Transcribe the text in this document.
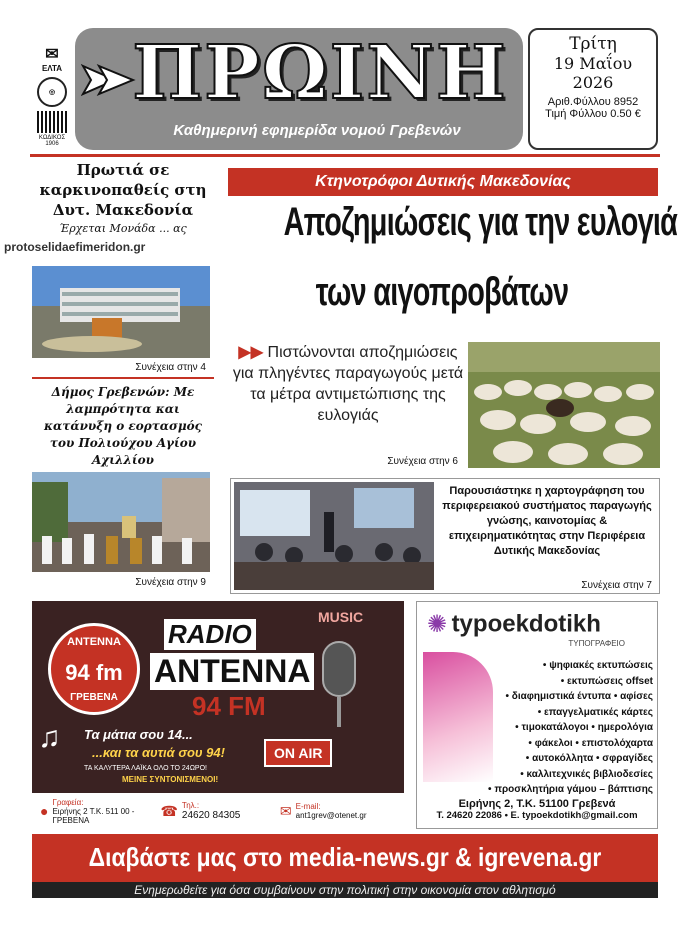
✉
ΕΛΤΑ
◎
ΚΩΔΙΚΟΣ
1906
ΠΡΩΙΝΗ
Καθημερινή εφημερίδα νομού Γρεβενών
Τρίτη
19 Μαΐου
2026
Αριθ.Φύλλου 8952
Τιμή Φύλλου 0.50 €
Πρωτιά σε καρκινοπαθείς στη Δυτ. Μακεδονία
Έρχεται Μονάδα ... ας
Συνέχεια στην 4
Δήμος Γρεβενών: Με λαμπρότητα και κατάνυξη ο εορτασμός του Πολιούχου Αγίου Αχιλλίου
Συνέχεια στην 9
protoselidaefimeridon.gr
Κτηνοτρόφοι Δυτικής Μακεδονίας
Αποζημιώσεις για την ευλογιά
των αιγοπροβάτων
▶▶ Πιστώνονται αποζημιώσεις για πληγέντες παραγωγούς μετά τα μέτρα αντιμετώπισης της ευλογιάς
Συνέχεια στην 6
Παρουσιάστηκε η χαρτογράφηση του περιφερειακού συστήματος παραγωγής γνώσης, καινοτομίας & επιχειρηματικότητας στην Περιφέρεια Δυτικής Μακεδονίας
Συνέχεια στην 7
ΑΝΤΕΝΝΑ
94 fm
ΓΡΕΒΕΝΑ
RADIO
ANTENNA
94 FM
MUSIC
ON AIR
♫ Τα μάτια σου 14...
...και τα αυτιά σου 94!
ΤΑ ΚΑΛΥΤΕΡΑ ΛΑΪΚΑ ΟΛΟ ΤΟ 24ΩΡΟ!
ΜΕΙΝΕ ΣΥΝΤΟΝΙΣΜΕΝΟΙ!
●
Γραφεία:
Ειρήνης 2 Τ.Κ. 511 00 - ΓΡΕΒΕΝΑ
☎ Τηλ.:
24620 84305	✉ E-mail:
ant1grev@otenet.gr
✺ typoekdotikh
ΤΥΠΟΓΡΑΦΕΙΟ
• ψηφιακές εκτυπώσεις
• εκτυπώσεις offset
• διαφημιστικά έντυπα • αφίσες
• επαγγελματικές κάρτες
• τιμοκατάλογοι • ημερολόγια
• φάκελοι • επιστολόχαρτα
• αυτοκόλλητα • σφραγίδες
• καλλιτεχνικές βιβλιοδεσίες
• προσκλητήρια γάμου – βάπτισης
Ειρήνης 2, Τ.Κ. 51100 Γρεβενά
Τ. 24620 22086 • E. typoekdotikh@gmail.com
Διαβάστε μας στο media-news.gr & igrevena.gr
Ενημερωθείτε για όσα συμβαίνουν στην πολιτική στην οικονομία στον αθλητισμό
